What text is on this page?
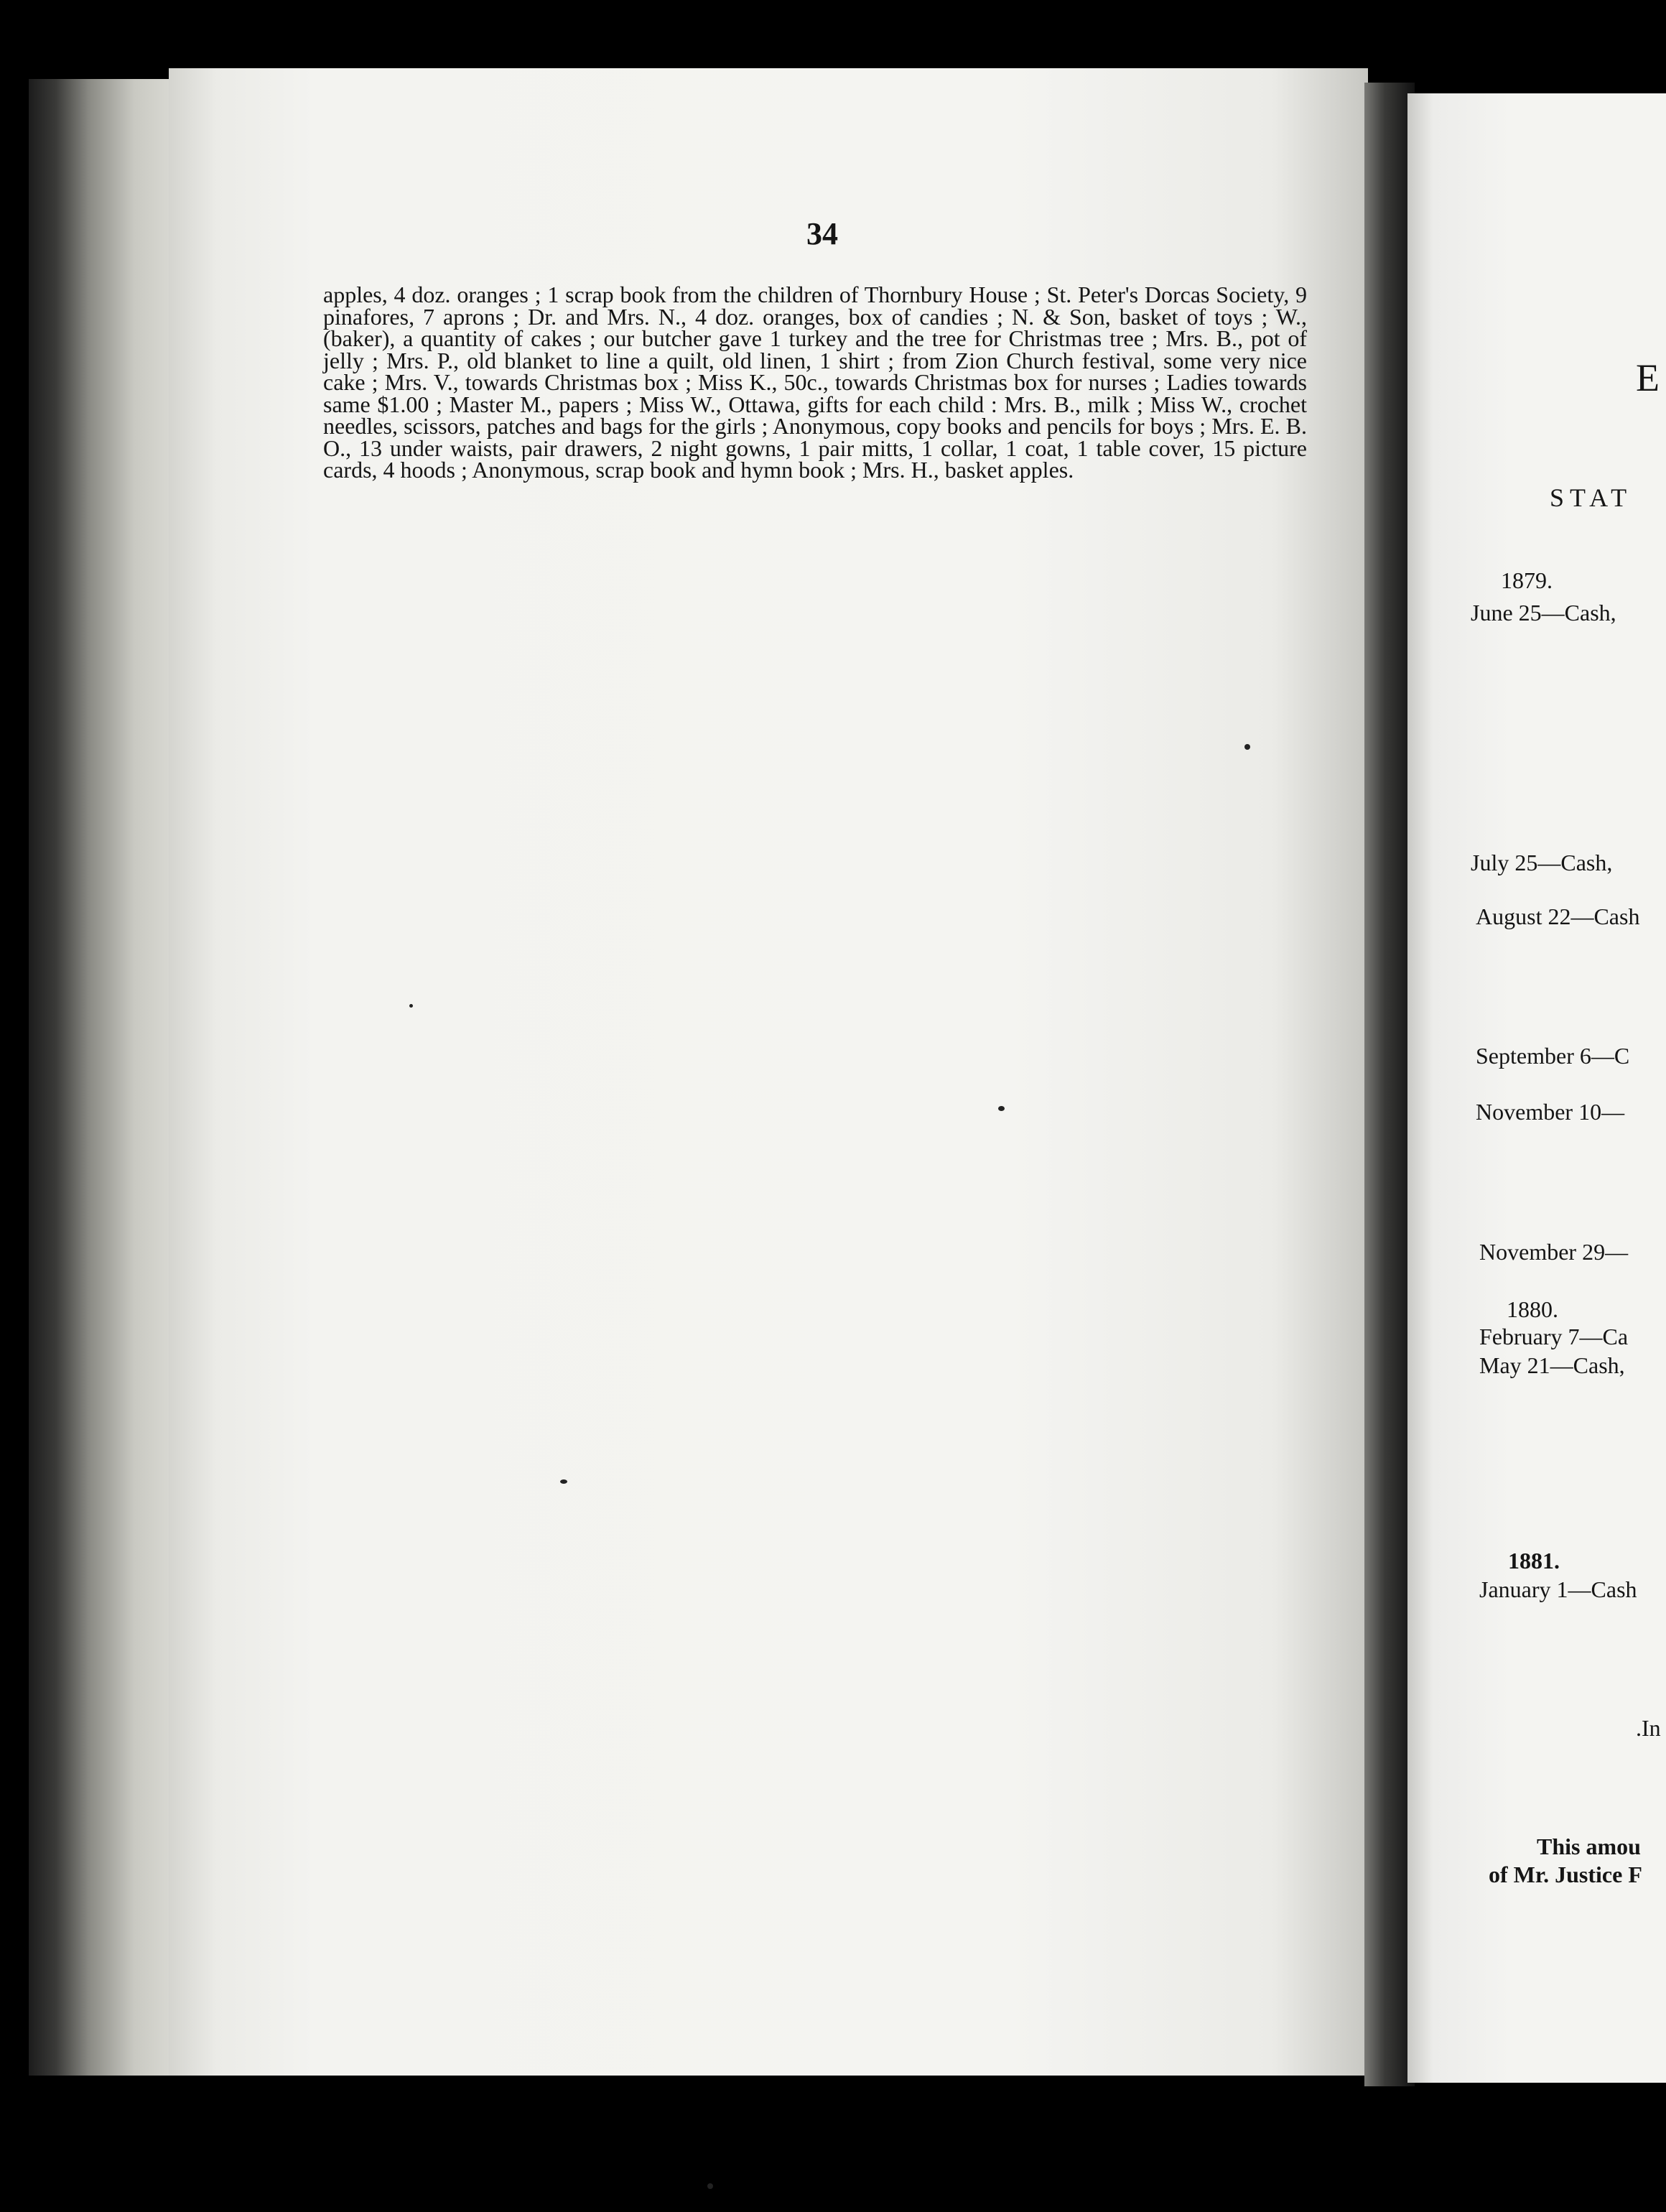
34

apples, 4 doz. oranges ; 1 scrap book from the children of Thornbury House ; St. Peter's Dorcas Society, 9 pinafores, 7 aprons ; Dr. and Mrs. N., 4 doz. oranges, box of candies ; N. & Son, basket of toys ; W., (baker), a quantity of cakes ; our butcher gave 1 turkey and the tree for Christmas tree ; Mrs. B., pot of jelly ; Mrs. P., old blanket to line a quilt, old linen, 1 shirt ; from Zion Church festival, some very nice cake ; Mrs. V., towards Christmas box ; Miss K., 50c., towards Christmas box for nurses ; Ladies towards same $1.00 ; Master M., papers ; Miss W., Ottawa, gifts for each child : Mrs. B., milk ; Miss W., crochet needles, scissors, patches and bags for the girls ; Anonymous, copy books and pencils for boys ; Mrs. E. B. O., 13 under waists, pair drawers, 2 night gowns, 1 pair mitts, 1 collar, 1 coat, 1 table cover, 15 picture cards, 4 hoods ; Anonymous, scrap book and hymn book ; Mrs. H., basket apples.

E
STAT
1879.
June 25—Cash,
July 25—Cash,
August 22—Cash
September 6—C
November 10—
November 29—
1880.
February 7—Ca
May 21—Cash,
1881.
January 1—Cash
.In
This amou
of Mr. Justice F
